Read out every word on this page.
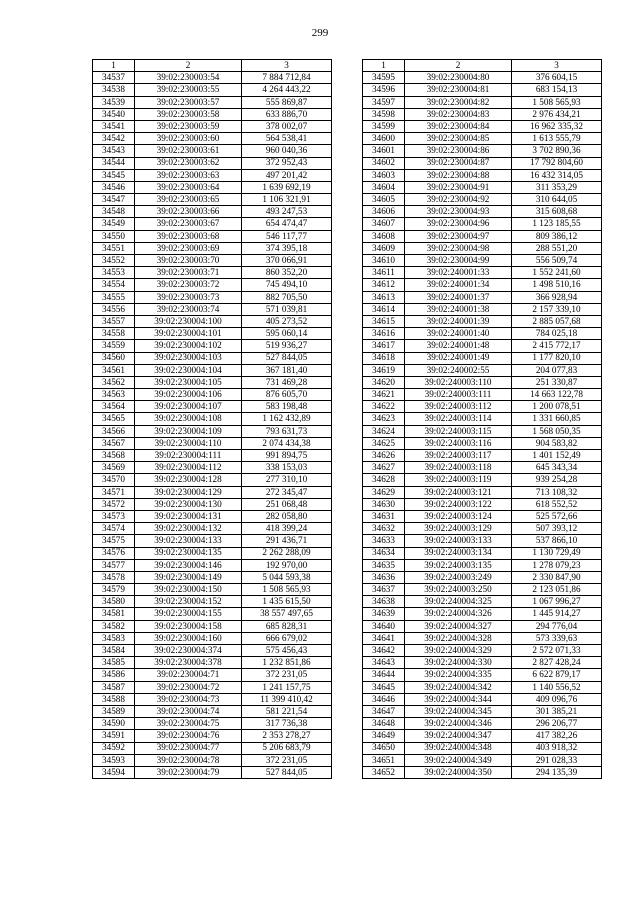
299
1	2	3
34537	39:02:230003:54	7 884 712,84
34538	39:02:230003:55	4 264 443,22
34539	39:02:230003:57	555 869,87
34540	39:02:230003:58	633 886,70
34541	39:02:230003:59	378 002,07
34542	39:02:230003:60	564 538,41
34543	39:02:230003:61	960 040,36
34544	39:02:230003:62	372 952,43
34545	39:02:230003:63	497 201,42
34546	39:02:230003:64	1 639 692,19
34547	39:02:230003:65	1 106 321,91
34548	39:02:230003:66	493 247,53
34549	39:02:230003:67	654 474,47
34550	39:02:230003:68	546 117,77
34551	39:02:230003:69	374 395,18
34552	39:02:230003:70	370 066,91
34553	39:02:230003:71	860 352,20
34554	39:02:230003:72	745 494,10
34555	39:02:230003:73	882 705,50
34556	39:02:230003:74	571 039,81
34557	39:02:230004:100	405 273,52
34558	39:02:230004:101	595 060,14
34559	39:02:230004:102	519 936,27
34560	39:02:230004:103	527 844,05
34561	39:02:230004:104	367 181,40
34562	39:02:230004:105	731 469,28
34563	39:02:230004:106	876 605,70
34564	39:02:230004:107	583 198,48
34565	39:02:230004:108	1 162 432,89
34566	39:02:230004:109	793 631,73
34567	39:02:230004:110	2 074 434,38
34568	39:02:230004:111	991 894,75
34569	39:02:230004:112	338 153,03
34570	39:02:230004:128	277 310,10
34571	39:02:230004:129	272 345,47
34572	39:02:230004:130	251 068,48
34573	39:02:230004:131	282 058,80
34574	39:02:230004:132	418 399,24
34575	39:02:230004:133	291 436,71
34576	39:02:230004:135	2 262 288,09
34577	39:02:230004:146	192 970,00
34578	39:02:230004:149	5 044 593,38
34579	39:02:230004:150	1 508 565,93
34580	39:02:230004:152	1 435 615,50
34581	39:02:230004:155	38 557 497,65
34582	39:02:230004:158	685 828,31
34583	39:02:230004:160	666 679,02
34584	39:02:230004:374	575 456,43
34585	39:02:230004:378	1 232 851,86
34586	39:02:230004:71	372 231,05
34587	39:02:230004:72	1 241 157,75
34588	39:02:230004:73	11 399 410,42
34589	39:02:230004:74	581 221,54
34590	39:02:230004:75	317 736,38
34591	39:02:230004:76	2 353 278,27
34592	39:02:230004:77	5 206 683,79
34593	39:02:230004:78	372 231,05
34594	39:02:230004:79	527 844,05
1	2	3
34595	39:02:230004:80	376 604,15
34596	39:02:230004:81	683 154,13
34597	39:02:230004:82	1 508 565,93
34598	39:02:230004:83	2 976 434,21
34599	39:02:230004:84	16 962 335,32
34600	39:02:230004:85	1 613 555,79
34601	39:02:230004:86	3 702 890,36
34602	39:02:230004:87	17 792 804,60
34603	39:02:230004:88	16 432 314,05
34604	39:02:230004:91	311 353,29
34605	39:02:230004:92	310 644,05
34606	39:02:230004:93	315 608,68
34607	39:02:230004:96	1 123 185,55
34608	39:02:230004:97	809 386,12
34609	39:02:230004:98	288 551,20
34610	39:02:230004:99	556 509,74
34611	39:02:240001:33	1 552 241,60
34612	39:02:240001:34	1 498 510,16
34613	39:02:240001:37	366 928,94
34614	39:02:240001:38	2 157 339,10
34615	39:02:240001:39	2 885 057,68
34616	39:02:240001:40	784 025,18
34617	39:02:240001:48	2 415 772,17
34618	39:02:240001:49	1 177 820,10
34619	39:02:240002:55	204 077,83
34620	39:02:240003:110	251 330,87
34621	39:02:240003:111	14 663 122,78
34622	39:02:240003:112	1 200 078,51
34623	39:02:240003:114	1 331 660,85
34624	39:02:240003:115	1 568 050,35
34625	39:02:240003:116	904 583,82
34626	39:02:240003:117	1 401 152,49
34627	39:02:240003:118	645 343,34
34628	39:02:240003:119	939 254,28
34629	39:02:240003:121	713 108,32
34630	39:02:240003:122	618 552,52
34631	39:02:240003:124	525 572,66
34632	39:02:240003:129	507 393,12
34633	39:02:240003:133	537 866,10
34634	39:02:240003:134	1 130 729,49
34635	39:02:240003:135	1 278 079,23
34636	39:02:240003:249	2 330 847,90
34637	39:02:240003:250	2 123 051,86
34638	39:02:240004:325	1 067 996,27
34639	39:02:240004:326	1 445 914,27
34640	39:02:240004:327	294 776,04
34641	39:02:240004:328	573 339,63
34642	39:02:240004:329	2 572 071,33
34643	39:02:240004:330	2 827 428,24
34644	39:02:240004:335	6 622 879,17
34645	39:02:240004:342	1 140 556,52
34646	39:02:240004:344	409 096,76
34647	39:02:240004:345	301 385,21
34648	39:02:240004:346	296 206,77
34649	39:02:240004:347	417 382,26
34650	39:02:240004:348	403 918,32
34651	39:02:240004:349	291 028,33
34652	39:02:240004:350	294 135,39
